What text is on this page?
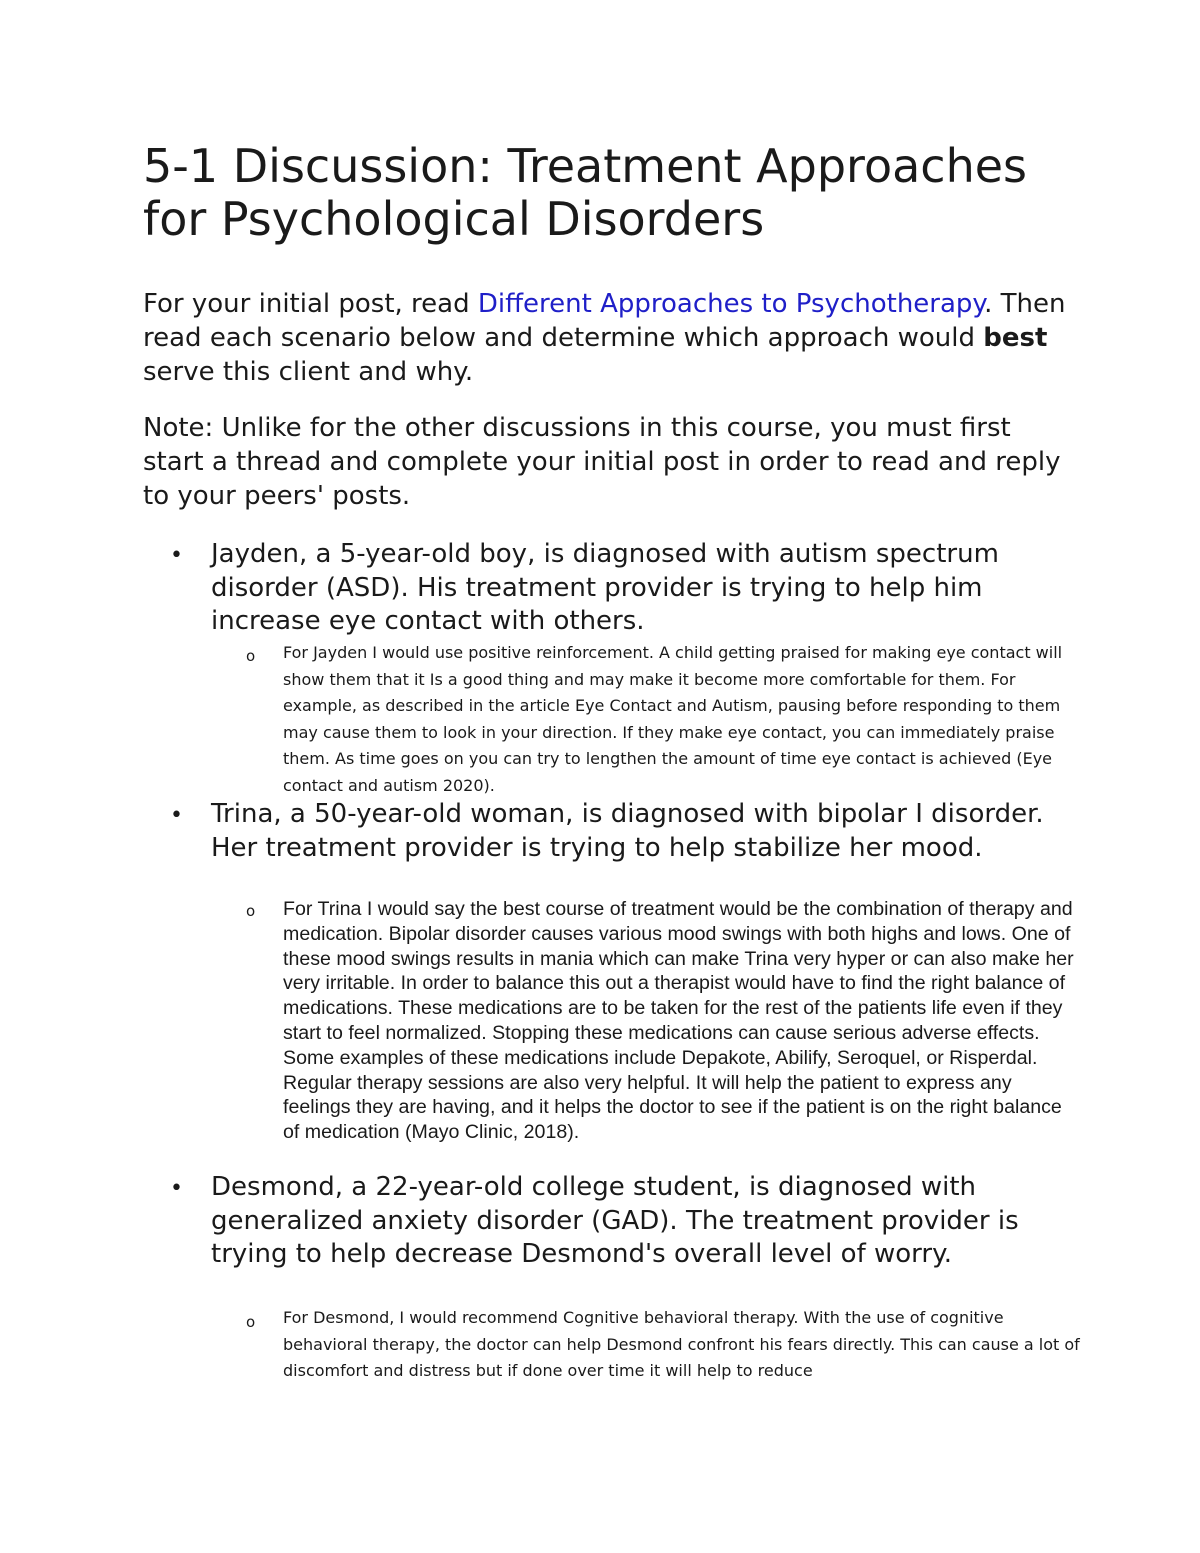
5-1 Discussion: Treatment Approaches for Psychological Disorders

For your initial post, read Different Approaches to Psychotherapy. Then read each scenario below and determine which approach would best serve this client and why.

Note: Unlike for the other discussions in this course, you must first start a thread and complete your initial post in order to read and reply to your peers' posts.

• Jayden, a 5-year-old boy, is diagnosed with autism spectrum disorder (ASD). His treatment provider is trying to help him increase eye contact with others.

o For Jayden I would use positive reinforcement. A child getting praised for making eye contact will show them that it Is a good thing and may make it become more comfortable for them. For example, as described in the article Eye Contact and Autism, pausing before responding to them may cause them to look in your direction. If they make eye contact, you can immediately praise them. As time goes on you can try to lengthen the amount of time eye contact is achieved (Eye contact and autism 2020).

• Trina, a 50-year-old woman, is diagnosed with bipolar I disorder. Her treatment provider is trying to help stabilize her mood.

o For Trina I would say the best course of treatment would be the combination of therapy and medication. Bipolar disorder causes various mood swings with both highs and lows. One of these mood swings results in mania which can make Trina very hyper or can also make her very irritable. In order to balance this out a therapist would have to find the right balance of medications. These medications are to be taken for the rest of the patients life even if they start to feel normalized. Stopping these medications can cause serious adverse effects. Some examples of these medications include Depakote, Abilify, Seroquel, or Risperdal. Regular therapy sessions are also very helpful. It will help the patient to express any feelings they are having, and it helps the doctor to see if the patient is on the right balance of medication (Mayo Clinic, 2018).

• Desmond, a 22-year-old college student, is diagnosed with generalized anxiety disorder (GAD). The treatment provider is trying to help decrease Desmond's overall level of worry.

o For Desmond, I would recommend Cognitive behavioral therapy. With the use of cognitive behavioral therapy, the doctor can help Desmond confront his fears directly. This can cause a lot of discomfort and distress but if done over time it will help to reduce
